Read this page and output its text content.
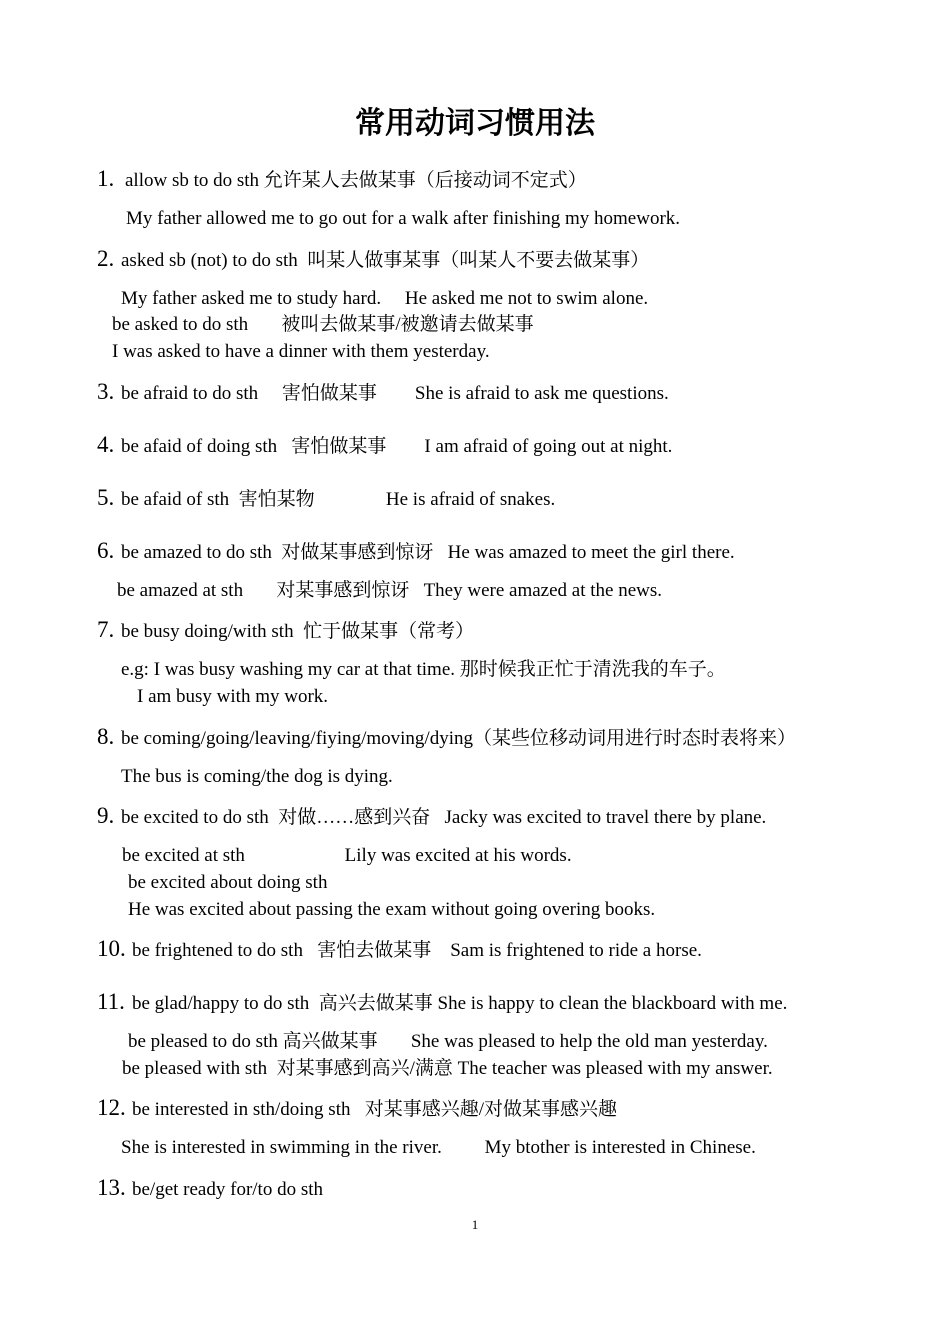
常用动词习惯用法
1. allow sb to do sth 允许某人去做某事（后接动词不定式）
My father allowed me to go out for a walk after finishing my homework.
2. asked sb (not) to do sth  叫某人做事某事（叫某人不要去做某事）
My father asked me to study hard.     He asked me not to swim alone.
be asked to do sth       被叫去做某事/被邀请去做某事
I was asked to have a dinner with them yesterday.
3. be afraid to do sth     害怕做某事        She is afraid to ask me questions.
4. be afaid of doing sth   害怕做某事        I am afraid of going out at night.
5. be afaid of sth  害怕某物               He is afraid of snakes.
6. be amazed to do sth  对做某事感到惊讶   He was amazed to meet the girl there.
be amazed at sth       对某事感到惊讶   They were amazed at the news.
7. be busy doing/with sth  忙于做某事（常考）
e.g: I was busy washing my car at that time. 那时候我正忙于清洗我的车子。
I am busy with my work.
8. be coming/going/leaving/fiying/moving/dying（某些位移动词用进行时态时表将来）
The bus is coming/the dog is dying.
9. be excited to do sth  对做……感到兴奋   Jacky was excited to travel there by plane.
be excited at sth                     Lily was excited at his words.
be excited about doing sth
He was excited about passing the exam without going overing books.
10. be frightened to do sth   害怕去做某事    Sam is frightened to ride a horse.
11. be glad/happy to do sth  高兴去做某事 She is happy to clean the blackboard with me.
be pleased to do sth 高兴做某事       She was pleased to help the old man yesterday.
be pleased with sth  对某事感到高兴/满意 The teacher was pleased with my answer.
12. be interested in sth/doing sth   对某事感兴趣/对做某事感兴趣
She is interested in swimming in the river.         My btother is interested in Chinese.
13. be/get ready for/to do sth
1
